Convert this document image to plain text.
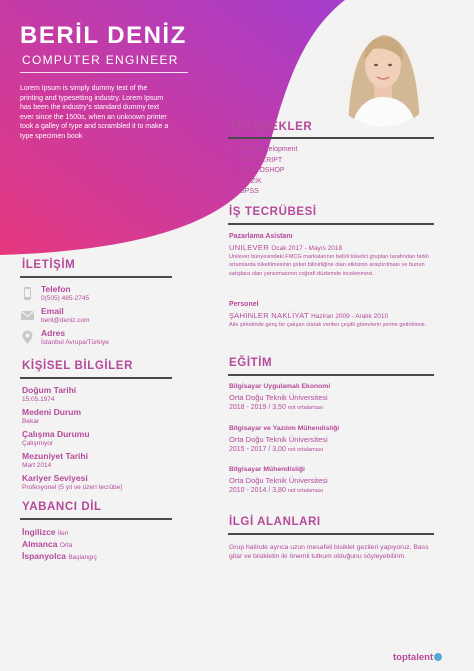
BERİL DENİZ
COMPUTER ENGINEER
Lorem Ipsum is simply dummy text of the printing and typesetting industry. Lorem Ipsum has been the industry's standard dummy text ever since the 1500s, when an unknown printer took a galley of type and scrambled it to make a type specimen book
İLETİŞİM
Telefon
0(505) 485-2745
Email
beril@deniz.com
Adres
İstanbul Avrupa/Türkiye
KİŞİSEL BİLGİLER
Doğum Tarihi
15.05.1974
Medeni Durum
Bekar
Çalışma Durumu
Çalışmıyor
Mezuniyet Tarihi
Mart 2014
Kariyer Seviyesi
Profesyonel (5 yıl ve üzeri tecrübe)
YABANCI DİL
İngilizce İleri
Almanca Orta
İspanyolca Başlangıç
YETENEKLER
• Web Development
• JAVASCRIPT
• PHOTOSHOP
• MÜZİK
• SPSS
İŞ TECRÜBESİ
Pazarlama Asistanı
UNILEVER Ocak 2017 - Mayıs 2018
Unilever bünyesindeki FMCG markalarının belirli tüketici grupları tarafından farklı ortamlarda tüketilmesinin şirket bilinirliğine olan etkisinin araştırılması ve bunun satışlara olan yansımasının coğrafi düzlemde incelenmesi.
Personel
ŞAHİNLER NAKLİYAT Haziran 2009 - Aralık 2010
Aile şirketinde genç bir çalışan olarak verilen çeşitli görevlerin yerine getirilmesi.
EĞİTİM
Bilgisayar Uygulamalı Ekonomi
Orta Doğu Teknik Üniversitesi
2018 - 2019 / 3,50 not ortalaması
Bilgisayar ve Yazılım Mühendisliği
Orta Doğu Teknik Üniversitesi
2015 - 2017 / 3,00 not ortalaması
Bilgisayar Mühendisliği
Orta Doğu Teknik Üniversitesi
2010 - 2014 / 3,80 not ortalaması
İLGİ ALANLARI
Grup halinde ayrıca uzun mesafeli bisiklet gezileri yapıyoruz. Bass gitar ve bisikletin iki önemli tutkum olduğunu söyleyebilirim.
toptalent
